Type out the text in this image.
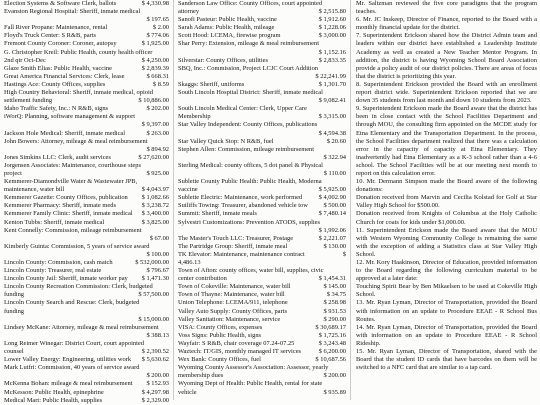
$ 4,330.98
Election Systems & Software Clerk, ballots
Evanston Regional Hospital: Sheriff, inmate medical
$ 197.65

$ 2.00
Fall River Propane: Maintenance, rental
$ 774.06
Floyd's Truck Center: S R&B, parts
$ 1,925.00
Fremont County Coroner: Coroner, autopsy
G. Christopher Kreil: Public Health, county health officer
$ 4,250.00
2nd qtr Oct-Dec
$ 2,839.39
Glaze Smith Elias: Public Health, vaccine
$ 668.31
Great America Financial Services: Clerk, lease
$ 8.59
Hastings Ace: County Offices, supplies
High Country Behavioral: Sheriff, inmate medical, opioid
$ 10,886.00
settlement funding
$ 202.00
Idaho Traffic Safety, Inc.: N R&B, signs
iWorQ: Planning, software management & support
$ 9,397.00

$ 263.00
Jackson Hole Medical: Sheriff, inmate medical
John Bowers: Attorney, mileage & meal reimbursement
$ 894.92

$ 27,620.00
Jones Simkins LLC: Clerk, audit services
Jorgensen Associates: Maintenance, courthouse steps
$ 925.00
project
Kemmerer-Diamondville Water & Wastewater JPB,
$ 4,043.97
maintenance, water bill
$ 1,082.66
Kemmerer Gazette: County Offices, publication
$ 3,238.72
Kemmerer Pharmacy: Sheriff, inmate meds
$ 3,400.00
Kemmerer Family Clinic: Sheriff, inmate medical
$ 3,825.00
Kenton Tubbs: Sheriff, inmate medical
Kent Connelly: Commission, mileage reimbursement
$ 67.00

Kimberly Guinta: Commission, 5 years of service award
$ 100.00

$ 532,000.00
Lincoln County: Commission, cash match
$ 796.67
Lincoln County: Treasurer, real estate
$ 1,471.30
Lincoln County Jail: Sheriff, inmate worker pay
Lincoln County Recreation Commission: Clerk, budgeted
$ 57,500.00
funding
Lincoln County Search and Rescue: Clerk, budgeted
funding
$ 15,000.00

Lindsey McKane: Attorney, mileage & meal reimbursement
$ 388.13

Long Reimer Winegar: District Court, court appointed
$ 2,390.52
counsel
$ 5,630.62
Lower Valley Energy: Engineering, utilities work
Mark Lutfri: Commission, 40 years of service award
$ 200.00

$ 152.93
McKenna Bohan: mileage & meal reimbursement
$ 4,297.98
McKesson: Public Health, epinephrine
$ 2,329.00
Medical Mart: Public Health, supplies
Sanderson Law Office: County Offices, court appointed
$ 2,515.80
attorney
$ 1,912.60
Sanofi Pasteur: Public Health, vaccine
$ 1,228.06
Sarah Adams: Public Health, mileage
$ 3,000.00
Scott Hood: LCEMA, firewise program
Shar Perry: Extension, mileage & meal reimbursement
$ 1,152.16

$ 2,833.35
Silverstar: County Offices, utilities
SBQ, Inc.: Commission, Project LCJC Court Addition
$ 22,241.99

$ 1,301.70
Skaggs: Sheriff, uniforms
South Lincoln Hospital District: Sheriff, inmate medical
$ 9,082.41

South Lincoln Medical Center: Clerk, Upper Care
$ 3,315.00
Membership
Star Valley Independent: County Offices, publications
$ 4,594.38

$ 20.60
Star Valley Quick Stop: N R&B, fuel
Stephen Allen: Commission, mileage reimbursement
$ 322.94

Sterling Medical: county offices, 5 dot panel & Physical
$ 110.00

Sublette County Public Health: Public Health, Moderna
$ 5,925.00
vaccine
$ 4,002.90
Sublette Electric: Maintenance, work performed
$ 500.00
Sutliffs Towing: Treasurer, abandoned vehicle tow
$ 7,480.14
Summit: Sheriff, inmate meals
Sylvestri Customizations: Prevention ATODS, supplies
$ 1,992.06

$ 2,221.07
The Master's Touch LLC: Treasurer, Postage
$ 130.00
The Partridge Group: Sheriff, inmate meal
$
TK Elevator: Maintenance, maintenance contract
4,486.13
Town of Afton: county offices, water bill, supplies, civic
$ 1,454.31
center contribution
$ 145.00
Town of Cokeville: Maintenance, water bill
$ 34.75
Town of Thayne: Maintenance, water bill
$ 258.98
Union Telephone: LCEMA/911, telephone
$ 931.53
Valley Auto Supply: County Offices, parts
$ 290.00
Valley Sanitation: Maintenance, service
$ 30,689.17
VISA: County Offices, expenses
$ 1,725.16
Voss Signs: Public Health, signs
$ 3,243.48
Wayfair: S R&B, chair coverage 07.24-07.25
$ 6,200.00
Waztech: IT/GIS, monthly managed IT services
$ 10,687.56
Wex Bank: County Offices, fuel
Wyoming County Assessor's Association: Assessor, yearly
$ 200.00
membership dues
Wyoming Dept of Health: Public Health, rental for state
$ 935.89
vehicle

Mr. Saltzman reviewed the five core paradigms that the program teaches.

6. Mr. JC Inskeep, Director of Finance, reported to the Board with a monthly financial update for the district.

7. Superintendent Erickson shared how the District Admin team and leaders within our district have established a Leadership Institute Academy as well as created a New Teacher Mentor Program. In addition, the district is having Wyoming School Board Association provide a policy audit of our district policies. There are areas of focus that the district is prioritizing this year.

8. Superintendent Erickson provided the Board with an enrollment report district wide. Superintendent Erickson reported that we are down 35 students from last month and down 10 students from 2023.

9. Superintendent Erickson made the Board aware that the district has been in close contact with the School Facilities Department and through MOU, the consulting firm appointed on the MCDE study for Etna Elementary and the Transportation Department. In the process, the School Facilities department realized that there was a calculation error in the capacity of capacity at Etna Elementary. They inadvertently had Etna Elementary as a K-3 school rather than a 4-6 school. The School Facilities will be at our meeting next month to report on this calculation error.

10. Mr. Dermann Simpson made the Board aware of the following donations:

Donation received from Marvin and Cecilia Kolstad for Golf at Star Valley High School for $500.00.

Donation received from Knights of Columbus at the Holy Catholic Church for coats for kids under $1,000.00.

11. Superintendent Erickson made the Board aware that the MOU with Western Wyoming Community College is remaining the same with the exception of adding a Statistics class at Star Valley High School.

12. Mr. Kory Haakinson, Director of Education, provided information to the Board regarding the following curriculum material to be approved at a later date:

Touching Spirit Bear by Ben Mikaelsen to be used at Cokeville High School.

13. Mr. Ryan Lyman, Director of Transportation, provided the Board with information on an update to Procedure EEAE - R School Bus Routes.

14. Mr. Ryan Lyman, Director of Transportation, provided the Board with information on an update to Procedure EEAE - R School Rideship.

15. Mr. Ryan Lyman, Director of Transportation, shared with the Board that the student ID cards that have barcodes on them will be switched to a NFC card that are similar to a tap card.
